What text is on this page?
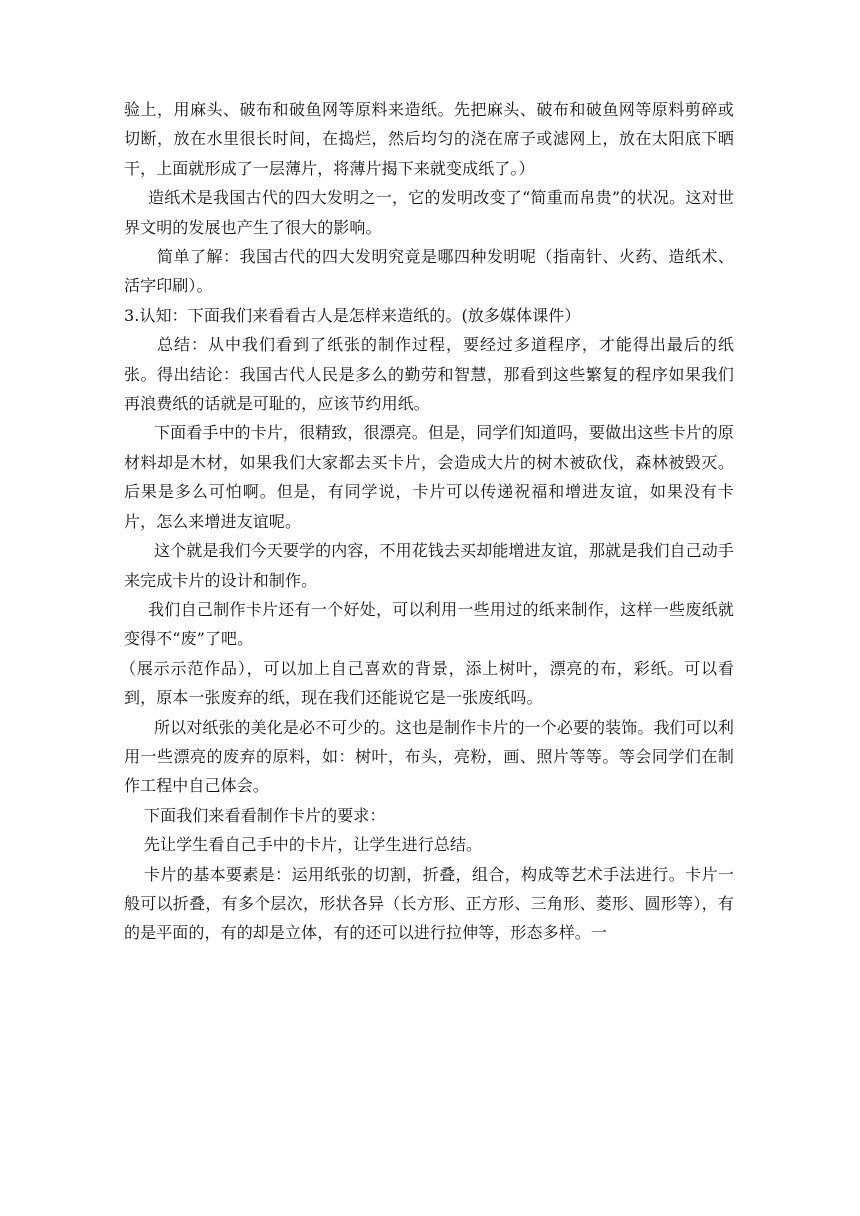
验上，用麻头、破布和破鱼网等原料来造纸。先把麻头、破布和破鱼网等原料剪碎或切断，放在水里很长时间，在捣烂，然后均匀的浇在席子或滤网上，放在太阳底下晒干，上面就形成了一层薄片，将薄片揭下来就变成纸了。）

造纸术是我国古代的四大发明之一，它的发明改变了“简重而帛贵”的状况。这对世界文明的发展也产生了很大的影响。

简单了解：我国古代的四大发明究竟是哪四种发明呢（指南针、火药、造纸术、活字印刷）。

3.认知：下面我们来看看古人是怎样来造纸的。(放多媒体课件）

总结：从中我们看到了纸张的制作过程，要经过多道程序，才能得出最后的纸张。得出结论：我国古代人民是多么的勤劳和智慧，那看到这些繁复的程序如果我们再浪费纸的话就是可耻的，应该节约用纸。

下面看手中的卡片，很精致，很漂亮。但是，同学们知道吗，要做出这些卡片的原材料却是木材，如果我们大家都去买卡片，会造成大片的树木被砍伐，森林被毁灭。后果是多么可怕啊。但是，有同学说，卡片可以传递祝福和增进友谊，如果没有卡片，怎么来增进友谊呢。

这个就是我们今天要学的内容，不用花钱去买却能增进友谊，那就是我们自己动手来完成卡片的设计和制作。

我们自己制作卡片还有一个好处，可以利用一些用过的纸来制作，这样一些废纸就变得不“废”了吧。

（展示示范作品），可以加上自己喜欢的背景，添上树叶，漂亮的布，彩纸。可以看到，原本一张废弃的纸，现在我们还能说它是一张废纸吗。

所以对纸张的美化是必不可少的。这也是制作卡片的一个必要的装饰。我们可以利用一些漂亮的废弃的原料，如：树叶，布头，亮粉，画、照片等等。等会同学们在制作工程中自己体会。

下面我们来看看制作卡片的要求：

先让学生看自己手中的卡片，让学生进行总结。

卡片的基本要素是：运用纸张的切割，折叠，组合，构成等艺术手法进行。卡片一般可以折叠，有多个层次，形状各异（长方形、正方形、三角形、菱形、圆形等），有的是平面的，有的却是立体，有的还可以进行拉伸等，形态多样。一
